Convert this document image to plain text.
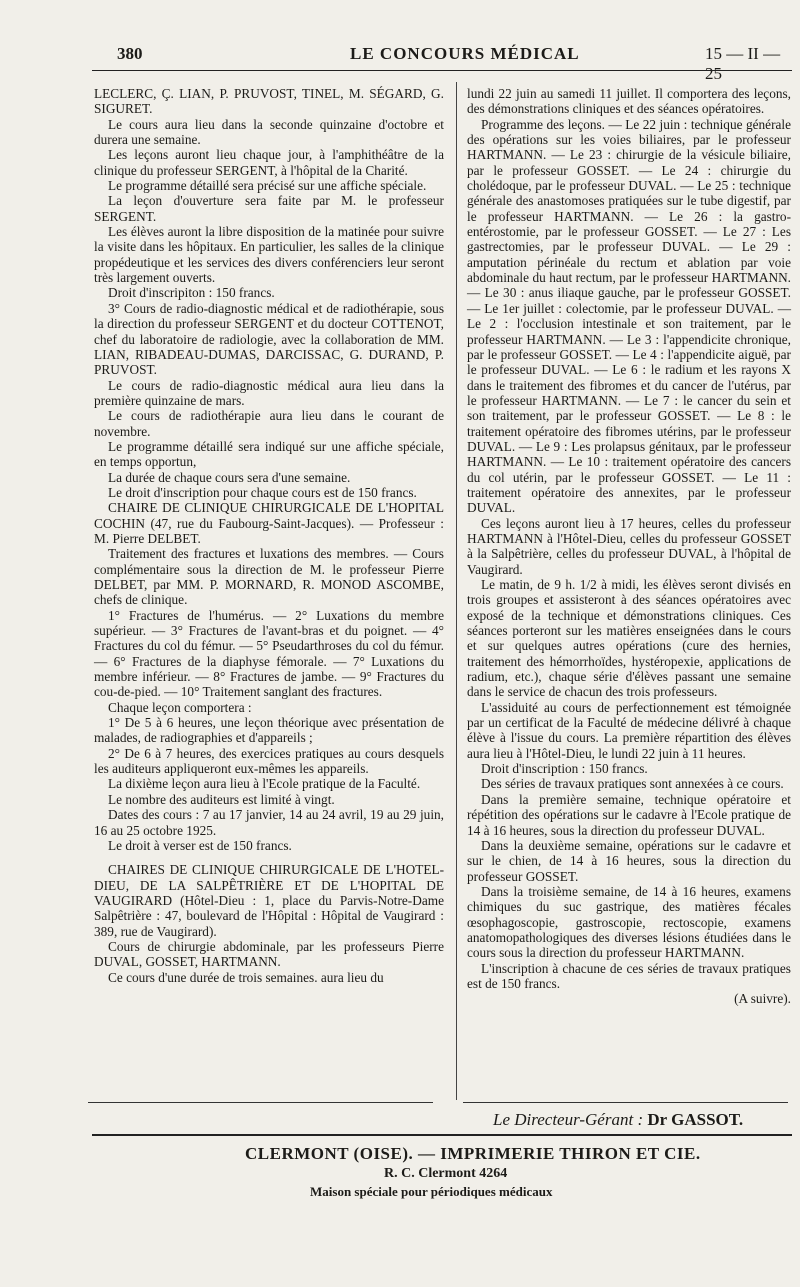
380	LE CONCOURS MÉDICAL	15 — II — 25

LECLERC, Ç. LIAN, P. PRUVOST, TINEL, M. SÉGARD, G. SIGURET.

Le cours aura lieu dans la seconde quinzaine d'octobre et durera une semaine.

Les leçons auront lieu chaque jour, à l'amphithéâtre de la clinique du professeur SERGENT, à l'hôpital de la Charité.

Le programme détaillé sera précisé sur une affiche spéciale.

La leçon d'ouverture sera faite par M. le professeur SERGENT.

Les élèves auront la libre disposition de la matinée pour suivre la visite dans les hôpitaux. En particulier, les salles de la clinique propédeutique et les services des divers conférenciers leur seront très largement ouverts.

Droit d'inscripiton : 150 francs.

3° Cours de radio-diagnostic médical et de radiothérapie, sous la direction du professeur SERGENT et du docteur COTTENOT, chef du laboratoire de radiologie, avec la collaboration de MM. LIAN, RIBADEAU-DUMAS, DARCISSAC, G. DURAND, P. PRUVOST.

Le cours de radio-diagnostic médical aura lieu dans la première quinzaine de mars.

Le cours de radiothérapie aura lieu dans le courant de novembre.

Le programme détaillé sera indiqué sur une affiche spéciale, en temps opportun,

La durée de chaque cours sera d'une semaine.

Le droit d'inscription pour chaque cours est de 150 francs.

CHAIRE DE CLINIQUE CHIRURGICALE DE L'HOPITAL COCHIN (47, rue du Faubourg-Saint-Jacques). — Professeur : M. Pierre DELBET.

Traitement des fractures et luxations des membres. — Cours complémentaire sous la direction de M. le professeur Pierre DELBET, par MM. P. MORNARD, R. MONOD ASCOMBE, chefs de clinique.

1° Fractures de l'humérus. — 2° Luxations du membre supérieur. — 3° Fractures de l'avant-bras et du poignet. — 4° Fractures du col du fémur. — 5° Pseudarthroses du col du fémur. — 6° Fractures de la diaphyse fémorale. — 7° Luxations du membre inférieur. — 8° Fractures de jambe. — 9° Fractures du cou-de-pied. — 10° Traitement sanglant des fractures.

Chaque leçon comportera :

1° De 5 à 6 heures, une leçon théorique avec présentation de malades, de radiographies et d'appareils ;

2° De 6 à 7 heures, des exercices pratiques au cours desquels les auditeurs appliqueront eux-mêmes les appareils.

La dixième leçon aura lieu à l'Ecole pratique de la Faculté.

Le nombre des auditeurs est limité à vingt.

Dates des cours : 7 au 17 janvier, 14 au 24 avril, 19 au 29 juin, 16 au 25 octobre 1925.

Le droit à verser est de 150 francs.

CHAIRES DE CLINIQUE CHIRURGICALE DE L'HOTEL-DIEU, DE LA SALPÊTRIÈRE ET DE L'HOPITAL DE VAUGIRARD (Hôtel-Dieu : 1, place du Parvis-Notre-Dame Salpêtrière : 47, boulevard de l'Hôpital : Hôpital de Vaugirard : 389, rue de Vaugirard).

Cours de chirurgie abdominale, par les professeurs Pierre DUVAL, GOSSET, HARTMANN.

Ce cours d'une durée de trois semaines. aura lieu du

lundi 22 juin au samedi 11 juillet. Il comportera des leçons, des démonstrations cliniques et des séances opératoires.

Programme des leçons. — Le 22 juin : technique générale des opérations sur les voies biliaires, par le professeur HARTMANN. — Le 23 : chirurgie de la vésicule biliaire, par le professeur GOSSET. — Le 24 : chirurgie du cholédoque, par le professeur DUVAL. — Le 25 : technique générale des anastomoses pratiquées sur le tube digestif, par le professeur HARTMANN. — Le 26 : la gastro-entérostomie, par le professeur GOSSET. — Le 27 : Les gastrectomies, par le professeur DUVAL. — Le 29 : amputation périnéale du rectum et ablation par voie abdominale du haut rectum, par le professeur HARTMANN. — Le 30 : anus iliaque gauche, par le professeur GOSSET. — Le 1er juillet : colectomie, par le professeur DUVAL. — Le 2 : l'occlusion intestinale et son traitement, par le professeur HARTMANN. — Le 3 : l'appendicite chronique, par le professeur GOSSET. — Le 4 : l'appendicite aiguë, par le professeur DUVAL. — Le 6 : le radium et les rayons X dans le traitement des fibromes et du cancer de l'utérus, par le professeur HARTMANN. — Le 7 : le cancer du sein et son traitement, par le professeur GOSSET. — Le 8 : le traitement opératoire des fibromes utérins, par le professeur DUVAL. — Le 9 : Les prolapsus génitaux, par le professeur HARTMANN. — Le 10 : traitement opératoire des cancers du col utérin, par le professeur GOSSET. — Le 11 : traitement opératoire des annexites, par le professeur DUVAL.

Ces leçons auront lieu à 17 heures, celles du professeur HARTMANN à l'Hôtel-Dieu, celles du professeur GOSSET à la Salpêtrière, celles du professeur DUVAL, à l'hôpital de Vaugirard.

Le matin, de 9 h. 1/2 à midi, les élèves seront divisés en trois groupes et assisteront à des séances opératoires avec exposé de la technique et démonstrations cliniques. Ces séances porteront sur les matières enseignées dans le cours et sur quelques autres opérations (cure des hernies, traitement des hémorrhoïdes, hystéropexie, applications de radium, etc.), chaque série d'élèves passant une semaine dans le service de chacun des trois professeurs.

L'assiduité au cours de perfectionnement est témoignée par un certificat de la Faculté de médecine délivré à chaque élève à l'issue du cours. La première répartition des élèves aura lieu à l'Hôtel-Dieu, le lundi 22 juin à 11 heures.

Droit d'inscription : 150 francs.

Des séries de travaux pratiques sont annexées à ce cours.

Dans la première semaine, technique opératoire et répétition des opérations sur le cadavre à l'Ecole pratique de 14 à 16 heures, sous la direction du professeur DUVAL.

Dans la deuxième semaine, opérations sur le cadavre et sur le chien, de 14 à 16 heures, sous la direction du professeur GOSSET.

Dans la troisième semaine, de 14 à 16 heures, examens chimiques du suc gastrique, des matières fécales œsophagoscopie, gastroscopie, rectoscopie, examens anatomopathologiques des diverses lésions étudiées dans le cours sous la direction du professeur HARTMANN.

L'inscription à chacune de ces séries de travaux pratiques est de 150 francs.

(A suivre).

Le Directeur-Gérant : Dr GASSOT.
CLERMONT (OISE). — IMPRIMERIE THIRON ET CIE.
R. C. Clermont 4264
Maison spéciale pour périodiques médicaux
